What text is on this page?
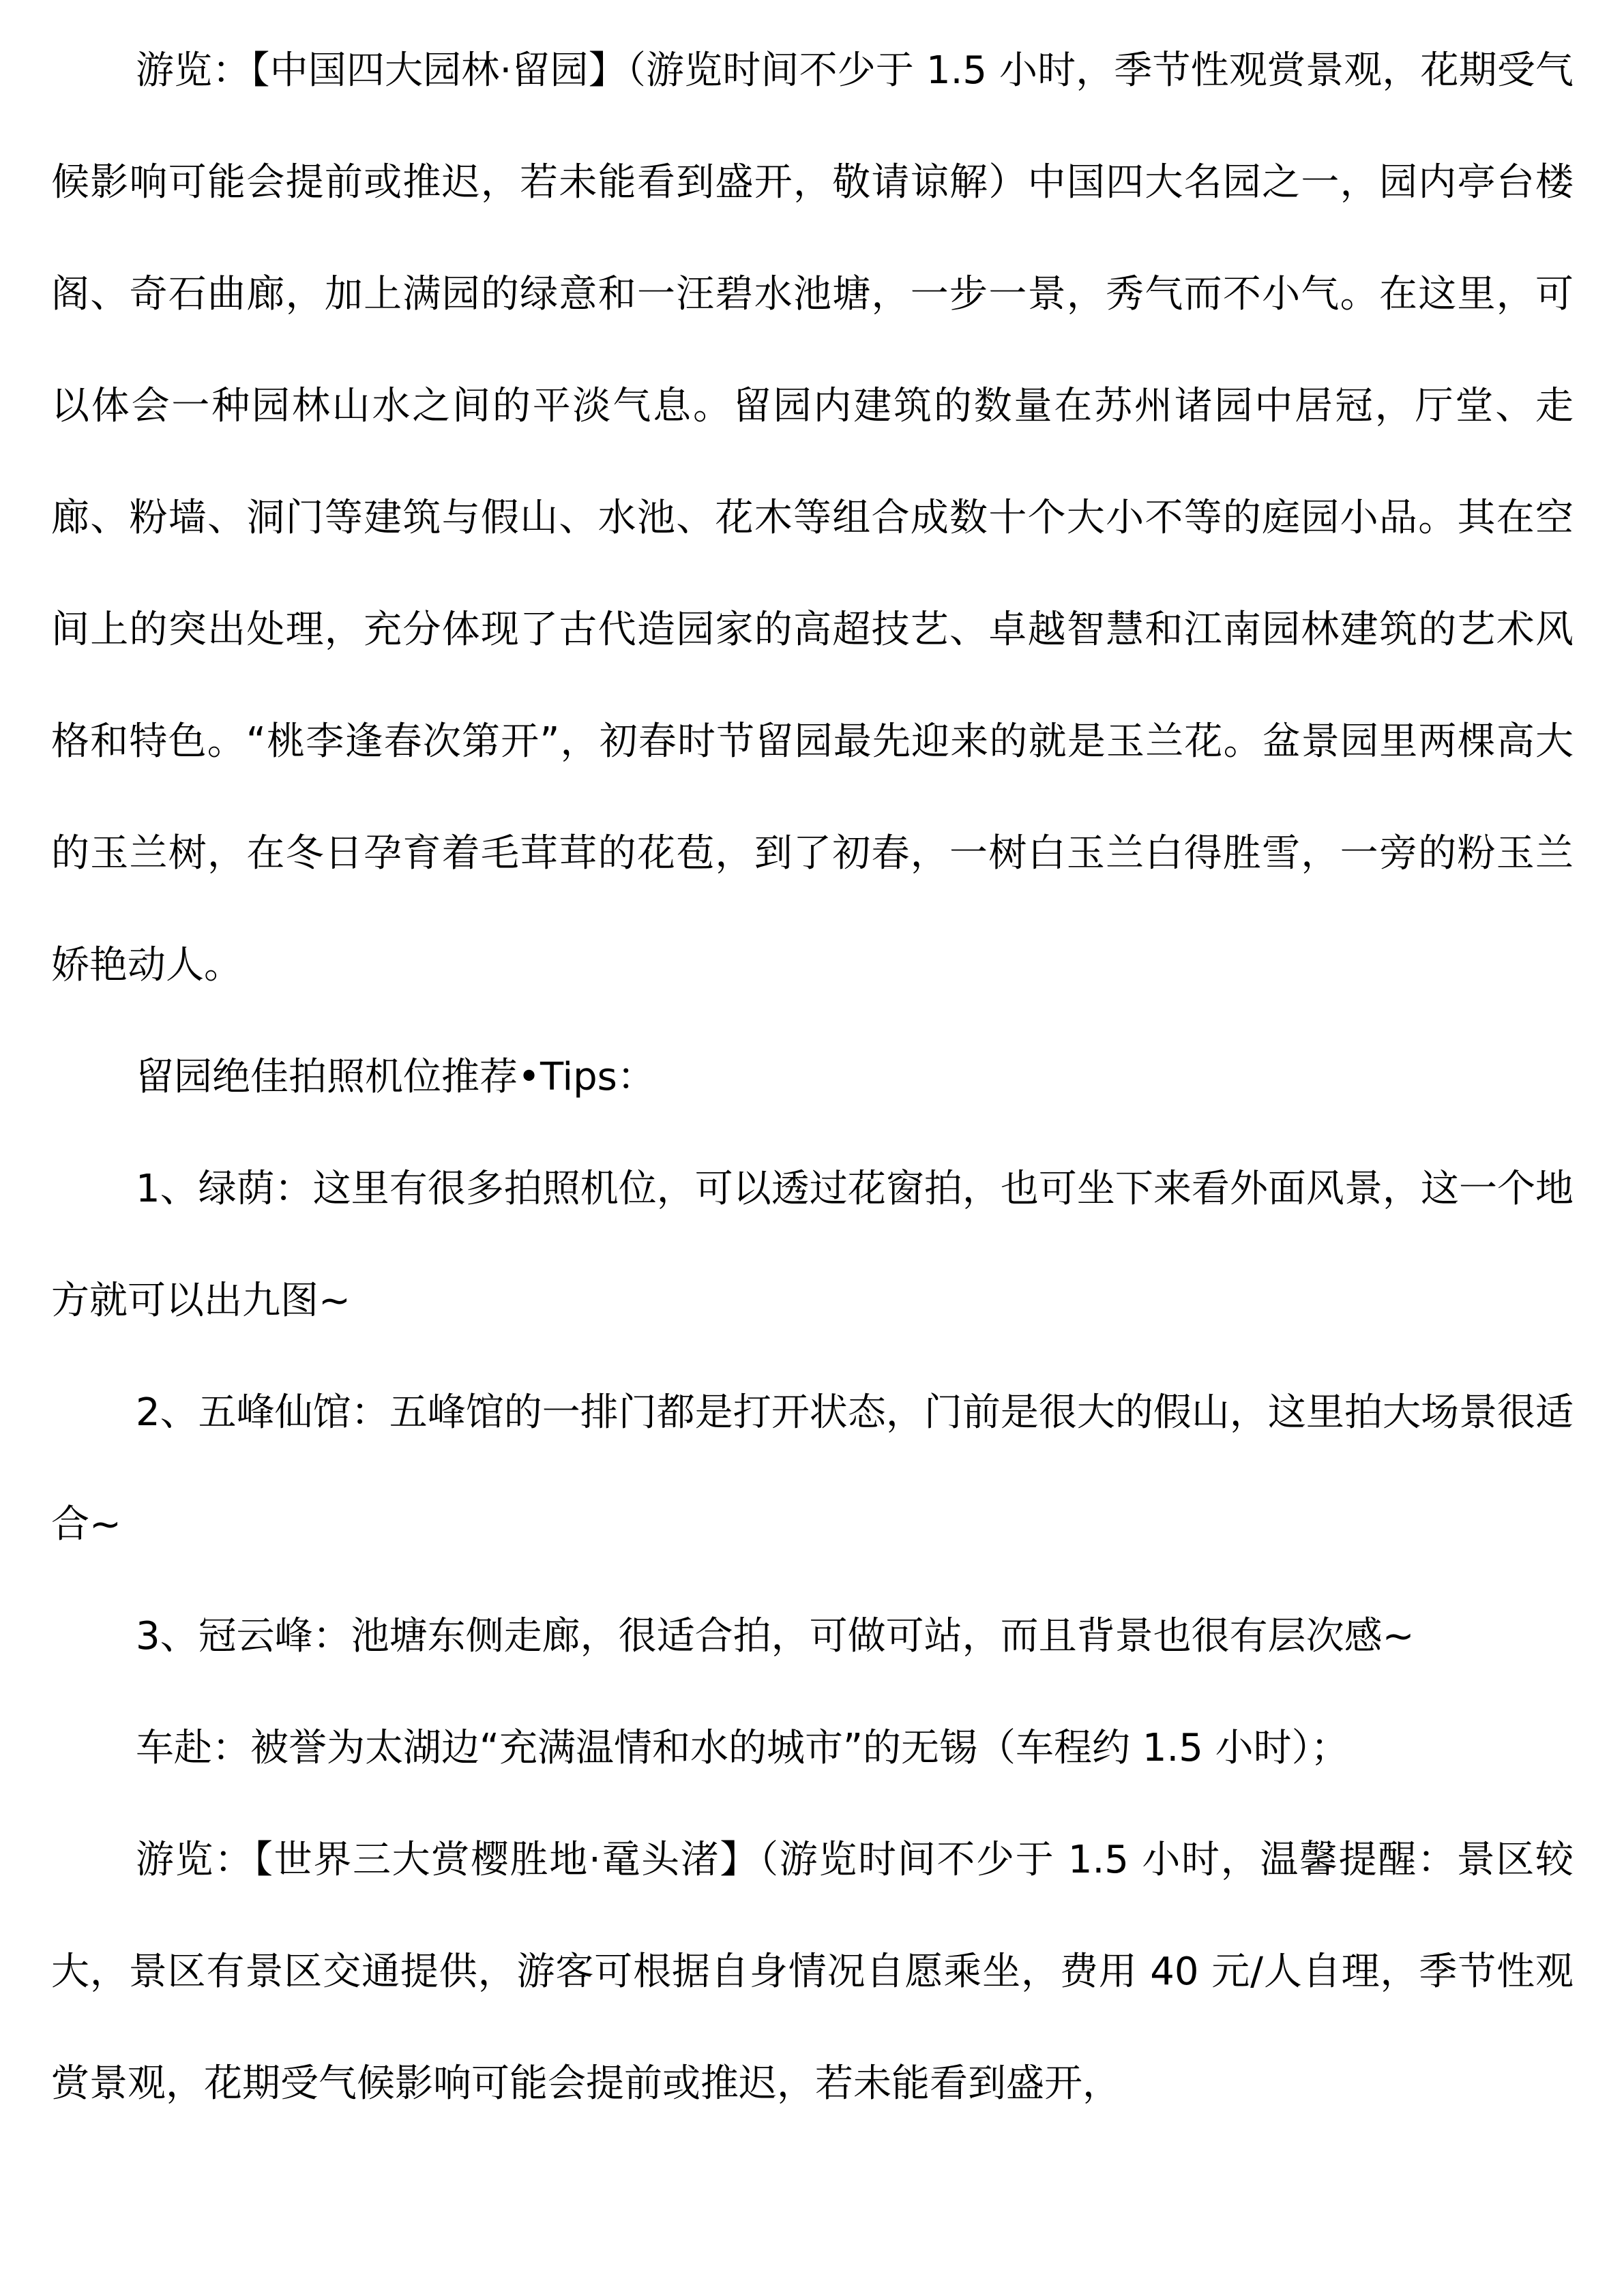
游览：【中国四大园林·留园】（游览时间不少于 1.5 小时，季节性观赏景观，花期受气候影响可能会提前或推迟，若未能看到盛开，敬请谅解）中国四大名园之一，园内亭台楼阁、奇石曲廊，加上满园的绿意和一汪碧水池塘，一步一景，秀气而不小气。在这里，可以体会一种园林山水之间的平淡气息。留园内建筑的数量在苏州诸园中居冠，厅堂、走廊、粉墙、洞门等建筑与假山、水池、花木等组合成数十个大小不等的庭园小品。其在空间上的突出处理，充分体现了古代造园家的高超技艺、卓越智慧和江南园林建筑的艺术风格和特色。“桃李逢春次第开”，初春时节留园最先迎来的就是玉兰花。盆景园里两棵高大的玉兰树，在冬日孕育着毛茸茸的花苞，到了初春，一树白玉兰白得胜雪，一旁的粉玉兰娇艳动人。

留园绝佳拍照机位推荐•Tips：

1、绿荫：这里有很多拍照机位，可以透过花窗拍，也可坐下来看外面风景，这一个地方就可以出九图~

2、五峰仙馆：五峰馆的一排门都是打开状态，门前是很大的假山，这里拍大场景很适合~

3、冠云峰：池塘东侧走廊，很适合拍，可做可站，而且背景也很有层次感~

车赴：被誉为太湖边“充满温情和水的城市”的无锡（车程约 1.5 小时）；

游览：【世界三大赏樱胜地·鼋头渚】（游览时间不少于 1.5 小时，温馨提醒：景区较大，景区有景区交通提供，游客可根据自身情况自愿乘坐，费用 40 元/人自理，季节性观赏景观，花期受气候影响可能会提前或推迟，若未能看到盛开，
